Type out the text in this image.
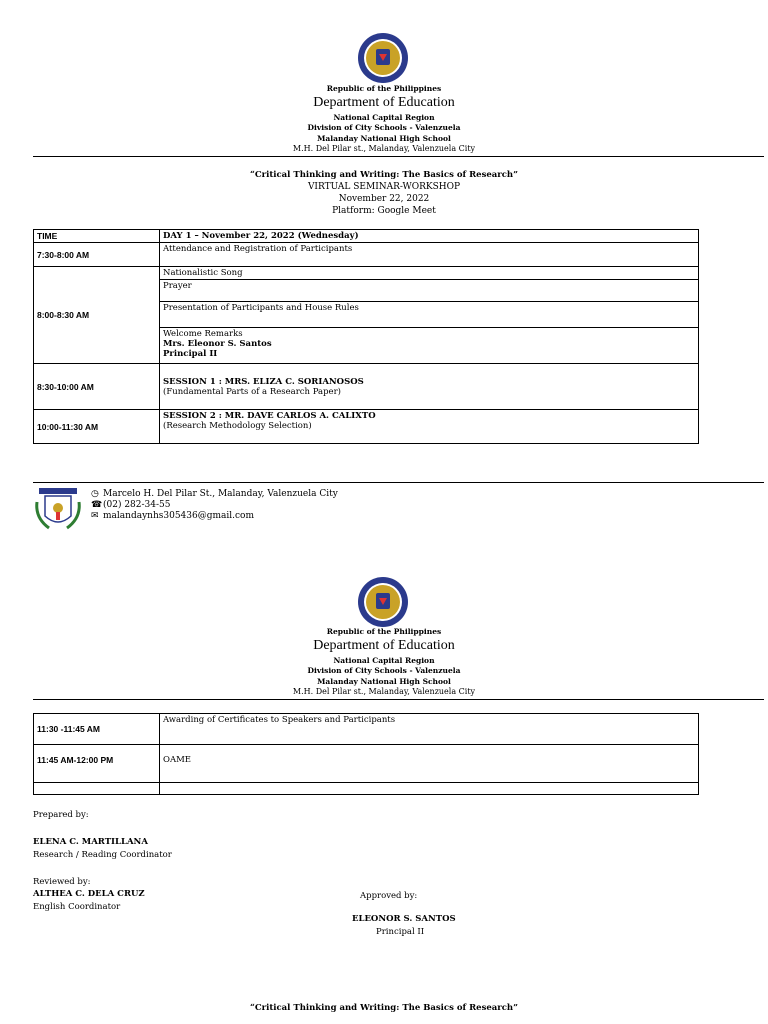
Republic of the Philippines
Department of Education
National Capital Region
Division of City Schools - Valenzuela
Malanday National High School
M.H. Del Pilar st., Malanday, Valenzuela City
“Critical Thinking and Writing: The Basics of Research”
VIRTUAL SEMINAR-WORKSHOP
November 22, 2022
Platform: Google Meet
TIME	DAY 1 – November 22, 2022 (Wednesday)
7:30-8:00 AM	Attendance and Registration of Participants
8:00-8:30 AM	Nationalistic Song
	Prayer
	Presentation of Participants and House Rules

	Welcome Remarks
Mrs. Eleonor S. Santos
Principal II

8:30-10:00 AM	SESSION 1 : MRS. ELIZA C. SORIANOSOS
(Fundamental Parts of a Research Paper)

10:00-11:30 AM	SESSION 2 : MR. DAVE CARLOS A. CALIXTO
(Research Methodology Selection)
◷ Marcelo H. Del Pilar St., Malanday, Valenzuela City
☎(02) 282-34-55
✉ malandaynhs305436@gmail.com
Republic of the Philippines
Department of Education
National Capital Region
Division of City Schools - Valenzuela
Malanday National High School
M.H. Del Pilar st., Malanday, Valenzuela City
11:30 -11:45 AM	Awarding of Certificates to Speakers and Participants
11:45 AM-12:00 PM	OAME

Prepared by:
ELENA C. MARTILLANA
Research / Reading Coordinator
Reviewed by:
ALTHEA C. DELA CRUZ
English Coordinator
Approved by:
ELEONOR S. SANTOS
Principal II
“Critical Thinking and Writing: The Basics of Research”
